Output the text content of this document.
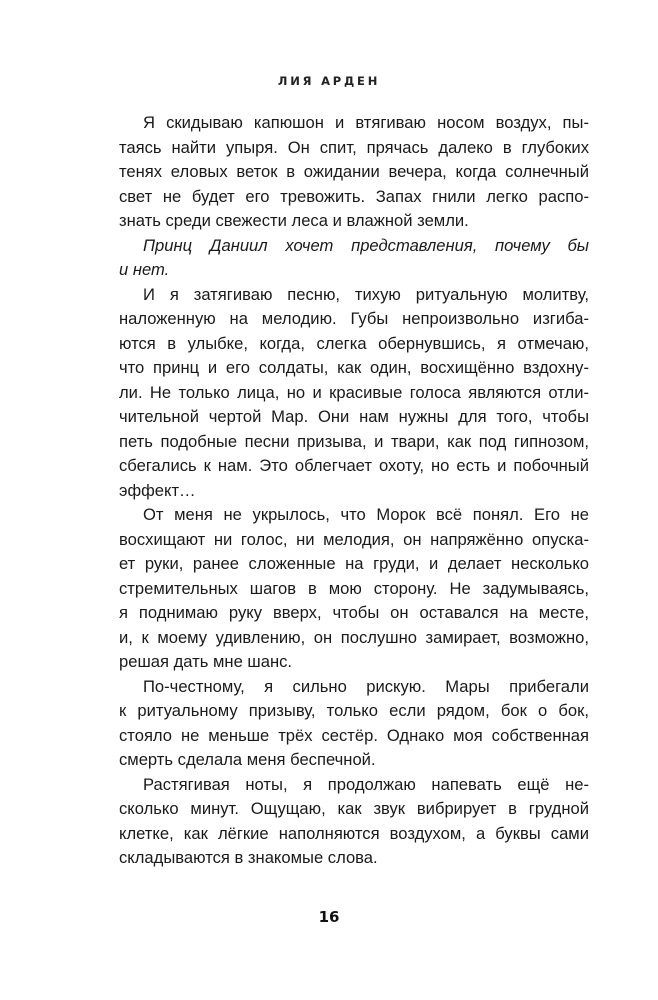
ЛИЯ АРДЕН
Я скидываю капюшон и втягиваю носом воздух, пы-
таясь найти упыря. Он спит, прячась далеко в глубоких
тенях еловых веток в ожидании вечера, когда солнечный
свет не будет его тревожить. Запах гнили легко распо-
знать среди свежести леса и влажной земли.
Принц Даниил хочет представления, почему бы
и нет.
И я затягиваю песню, тихую ритуальную молитву,
наложенную на мелодию. Губы непроизвольно изгиба-
ются в улыбке, когда, слегка обернувшись, я отмечаю,
что принц и его солдаты, как один, восхищённо вздохну-
ли. Не только лица, но и красивые голоса являются отли-
чительной чертой Мар. Они нам нужны для того, чтобы
петь подобные песни призыва, и твари, как под гипнозом,
сбегались к нам. Это облегчает охоту, но есть и побочный
эффект…
От меня не укрылось, что Морок всё понял. Его не
восхищают ни голос, ни мелодия, он напряжённо опуска-
ет руки, ранее сложенные на груди, и делает несколько
стремительных шагов в мою сторону. Не задумываясь,
я поднимаю руку вверх, чтобы он оставался на месте,
и, к моему удивлению, он послушно замирает, возможно,
решая дать мне шанс.
По-честному, я сильно рискую. Мары прибегали
к ритуальному призыву, только если рядом, бок о бок,
стояло не меньше трёх сестёр. Однако моя собственная
смерть сделала меня беспечной.
Растягивая ноты, я продолжаю напевать ещё не-
сколько минут. Ощущаю, как звук вибрирует в грудной
клетке, как лёгкие наполняются воздухом, а буквы сами
складываются в знакомые слова.
16
